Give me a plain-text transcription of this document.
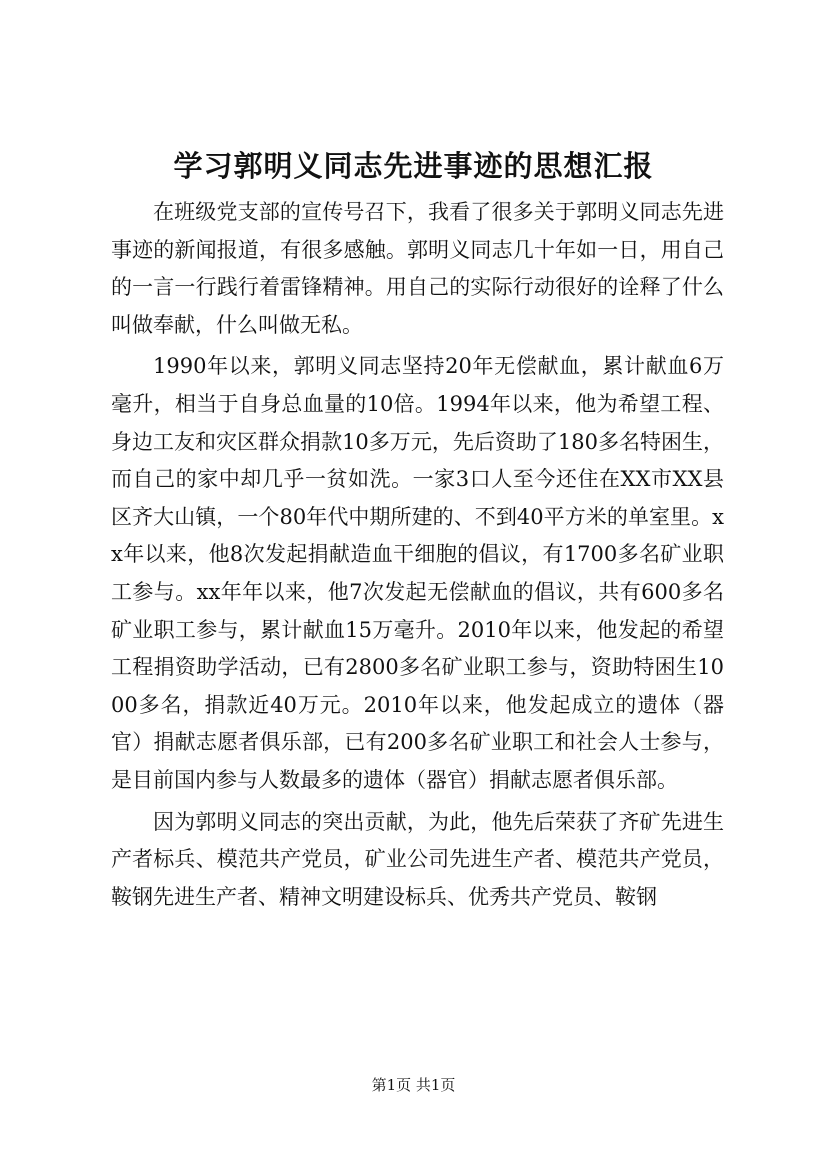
学习郭明义同志先进事迹的思想汇报

在班级党支部的宣传号召下，我看了很多关于郭明义同志先进事迹的新闻报道，有很多感触。郭明义同志几十年如一日，用自己的一言一行践行着雷锋精神。用自己的实际行动很好的诠释了什么叫做奉献，什么叫做无私。

1990年以来，郭明义同志坚持20年无偿献血，累计献血6万毫升，相当于自身总血量的10倍。1994年以来，他为希望工程、身边工友和灾区群众捐款10多万元，先后资助了180多名特困生，而自己的家中却几乎一贫如洗。一家3口人至今还住在XX市XX县区齐大山镇，一个80年代中期所建的、不到40平方米的单室里。xx年以来，他8次发起捐献造血干细胞的倡议，有1700多名矿业职工参与。xx年年以来，他7次发起无偿献血的倡议，共有600多名矿业职工参与，累计献血15万毫升。2010年以来，他发起的希望工程捐资助学活动，已有2800多名矿业职工参与，资助特困生1000多名，捐款近40万元。2010年以来，他发起成立的遗体（器官）捐献志愿者俱乐部，已有200多名矿业职工和社会人士参与，是目前国内参与人数最多的遗体（器官）捐献志愿者俱乐部。

因为郭明义同志的突出贡献，为此，他先后荣获了齐矿先进生产者标兵、模范共产党员，矿业公司先进生产者、模范共产党员，鞍钢先进生产者、精神文明建设标兵、优秀共产党员、鞍钢

第1页 共1页
